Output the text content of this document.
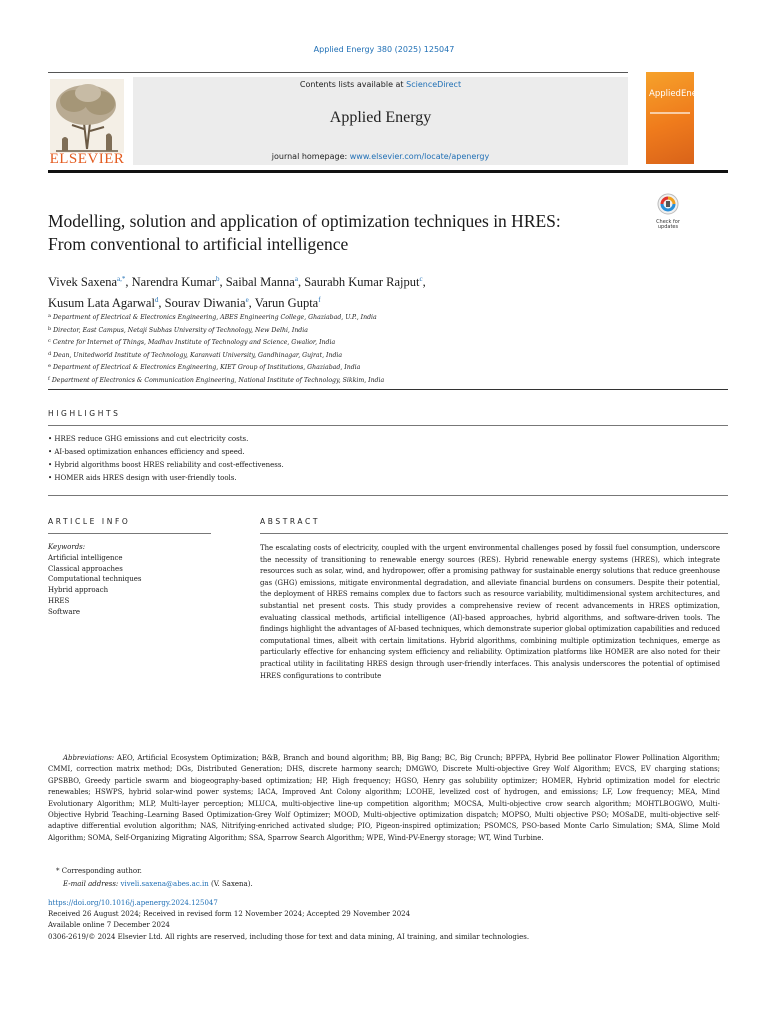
Applied Energy 380 (2025) 125047
ELSEVIER
Contents lists available at ScienceDirect
Applied Energy
journal homepage: www.elsevier.com/locate/apenergy
AppliedEnergy
Check for updates
Modelling, solution and application of optimization techniques in HRES:
From conventional to artificial intelligence
Vivek Saxena$^{a,*}$, Narendra Kumar$^b$, Saibal Manna$^a$, Saurabh Kumar Rajput$^c$,
Kusum Lata Agarwal$^d$, Sourav Diwania$^e$, Varun Gupta$^f$
$^a$ Department of Electrical & Electronics Engineering, ABES Engineering College, Ghaziabad, U.P., India
$^b$ Director, East Campus, Netaji Subhas University of Technology, New Delhi, India
$^c$ Centre for Internet of Things, Madhav Institute of Technology and Science, Gwalior, India
$^d$ Dean, Unitedworld Institute of Technology, Karanvati University, Gandhinagar, Gujrat, India
$^e$ Department of Electrical & Electronics Engineering, KIET Group of Institutions, Ghaziabad, India
$^f$ Department of Electronics & Communication Engineering, National Institute of Technology, Sikkim, India
HIGHLIGHTS
• HRES reduce GHG emissions and cut electricity costs.
• AI-based optimization enhances efficiency and speed.
• Hybrid algorithms boost HRES reliability and cost-effectiveness.
• HOMER aids HRES design with user-friendly tools.
ARTICLE INFO	ABSTRACT
Keywords:
Artificial intelligence
Classical approaches
Computational techniques
Hybrid approach
HRES
Software

The escalating costs of electricity, coupled with the urgent environmental challenges posed by fossil fuel consumption, underscore the necessity of transitioning to renewable energy sources (RES). Hybrid renewable energy systems (HRES), which integrate resources such as solar, wind, and hydropower, offer a promising pathway for sustainable energy solutions that reduce greenhouse gas (GHG) emissions, mitigate environmental degradation, and alleviate financial burdens on consumers. Despite their potential, the deployment of HRES remains complex due to factors such as resource variability, multidimensional system architectures, and substantial net present costs. This study provides a comprehensive review of recent advancements in HRES optimization, evaluating classical methods, artificial intelligence (AI)-based approaches, hybrid algorithms, and software-driven tools. The findings highlight the advantages of AI-based techniques, which demonstrate superior global optimization capabilities and reduced computational times, albeit with certain limitations. Hybrid algorithms, combining multiple optimization techniques, emerge as particularly effective for enhancing system efficiency and reliability. Optimization platforms like HOMER are also noted for their practical utility in facilitating HRES design through user-friendly interfaces. This analysis underscores the potential of optimised HRES configurations to contribute

Abbreviations: AEO, Artificial Ecosystem Optimization; B&B, Branch and bound algorithm; BB, Big Bang; BC, Big Crunch; BPFPA, Hybrid Bee pollinator Flower Pollination Algorithm; CMMI, correction matrix method; DGs, Distributed Generation; DHS, discrete harmony search; DMGWO, Discrete Multi-objective Grey Wolf Algorithm; EVCS, EV charging stations; GPSBBO, Greedy particle swarm and biogeography-based optimization; HP, High frequency; HGSO, Henry gas solubility optimizer; HOMER, Hybrid optimization model for electric renewables; HSWPS, hybrid solar-wind power systems; IACA, Improved Ant Colony algorithm; LCOHE, levelized cost of hydrogen, and emissions; LF, Low frequency; MEA, Mind Evolutionary Algorithm; MLP, Multi-layer perception; MLUCA, multi-objective line-up competition algorithm; MOCSA, Multi-objective crow search algorithm; MOHTLBOGWO, Multi-Objective Hybrid Teaching–Learning Based Optimization-Grey Wolf Optimizer; MOOD, Multi-objective optimization dispatch; MOPSO, Multi objective PSO; MOSaDE, multi-objective self-adaptive differential evolution algorithm; NAS, Nitrifying-enriched activated sludge; PIO, Pigeon-inspired optimization; PSOMCS, PSO-based Monte Carlo Simulation; SMA, Slime Mold Algorithm; SOMA, Self-Organizing Migrating Algorithm; SSA, Sparrow Search Algorithm; WPE, Wind-PV-Energy storage; WT, Wind Turbine.

* Corresponding author.
E-mail address: viveli.saxena@abes.ac.in (V. Saxena).
https://doi.org/10.1016/j.apenergy.2024.125047
Received 26 August 2024; Received in revised form 12 November 2024; Accepted 29 November 2024
Available online 7 December 2024
0306-2619/© 2024 Elsevier Ltd. All rights are reserved, including those for text and data mining, AI training, and similar technologies.
